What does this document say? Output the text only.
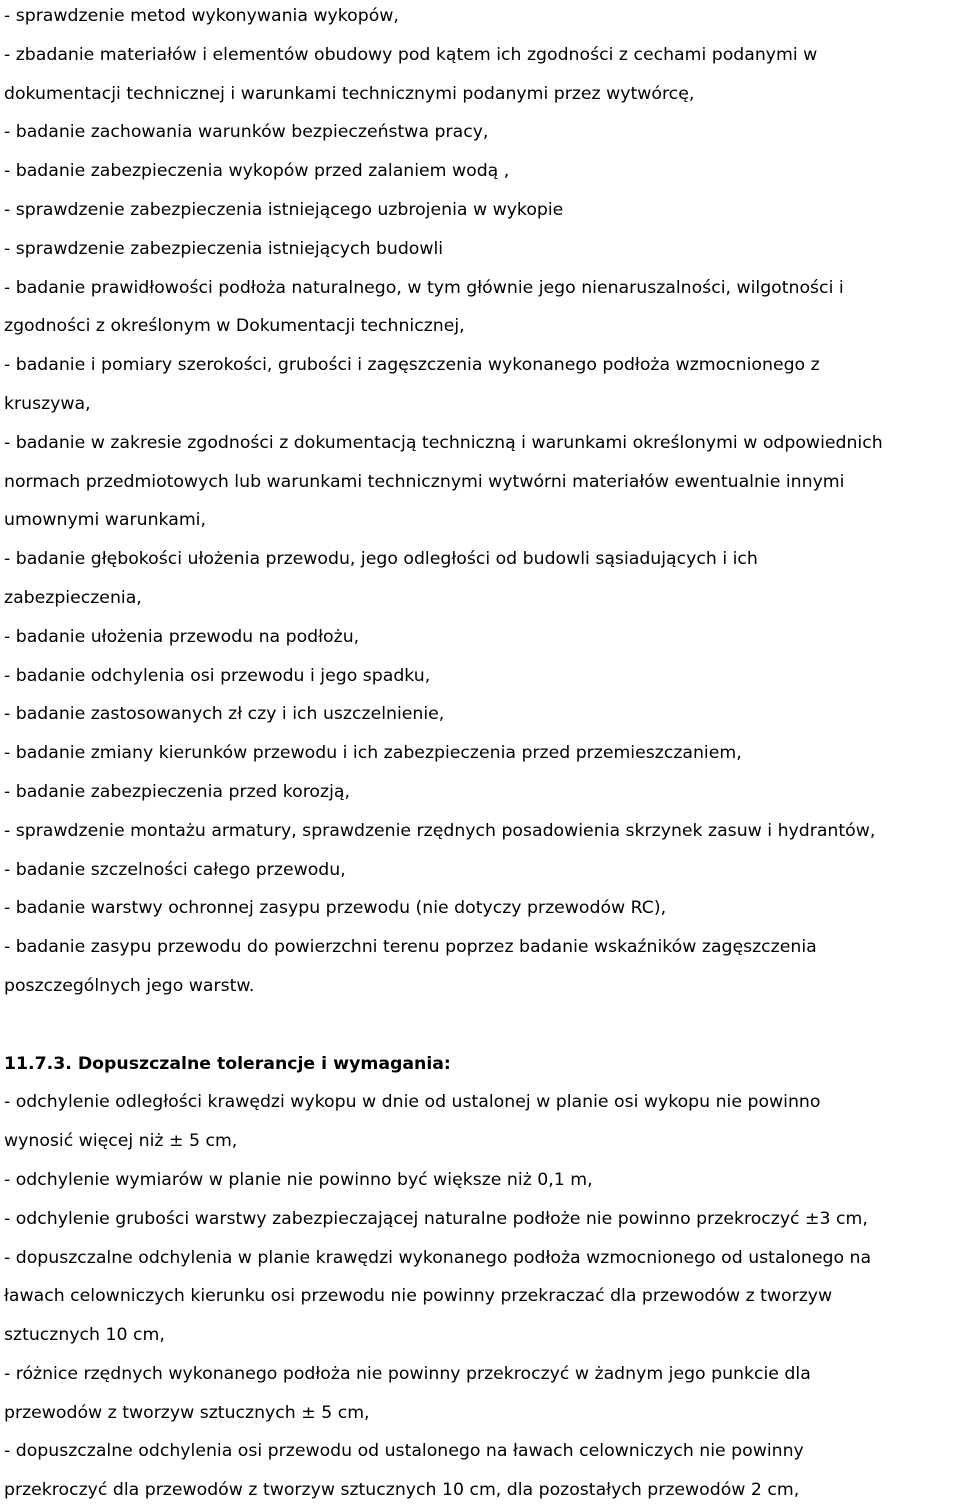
- sprawdzenie metod wykonywania wykopów,
- zbadanie materiałów i elementów obudowy pod kątem ich zgodności z cechami podanymi w
dokumentacji technicznej i warunkami technicznymi podanymi przez wytwórcę,
- badanie zachowania warunków bezpieczeństwa pracy,
- badanie zabezpieczenia wykopów przed zalaniem wodą ,
- sprawdzenie zabezpieczenia istniejącego uzbrojenia w wykopie
- sprawdzenie zabezpieczenia istniejących budowli
- badanie prawidłowości podłoża naturalnego, w tym głównie jego nienaruszalności, wilgotności i
zgodności z określonym w Dokumentacji technicznej,
- badanie i pomiary szerokości, grubości i zagęszczenia wykonanego podłoża wzmocnionego z
kruszywa,
- badanie w zakresie zgodności z dokumentacją techniczną i warunkami określonymi w odpowiednich
normach przedmiotowych lub warunkami technicznymi wytwórni materiałów ewentualnie innymi
umownymi warunkami,
- badanie głębokości ułożenia przewodu, jego odległości od budowli sąsiadujących i ich
zabezpieczenia,
- badanie ułożenia przewodu na podłożu,
- badanie odchylenia osi przewodu i jego spadku,
- badanie zastosowanych zł czy i ich uszczelnienie,
- badanie zmiany kierunków przewodu i ich zabezpieczenia przed przemieszczaniem,
- badanie zabezpieczenia przed korozją,
- sprawdzenie montażu armatury, sprawdzenie rzędnych posadowienia skrzynek zasuw i hydrantów,
- badanie szczelności całego przewodu,
- badanie warstwy ochronnej zasypu przewodu (nie dotyczy przewodów RC),
- badanie zasypu przewodu do powierzchni terenu poprzez badanie wskaźników zagęszczenia
poszczególnych jego warstw.
11.7.3. Dopuszczalne tolerancje i wymagania:
- odchylenie odległości krawędzi wykopu w dnie od ustalonej w planie osi wykopu nie powinno
wynosić więcej niż ± 5 cm,
- odchylenie wymiarów w planie nie powinno być większe niż 0,1 m,
- odchylenie grubości warstwy zabezpieczającej naturalne podłoże nie powinno przekroczyć ±3 cm,
- dopuszczalne odchylenia w planie krawędzi wykonanego podłoża wzmocnionego od ustalonego na
ławach celowniczych kierunku osi przewodu nie powinny przekraczać dla przewodów z tworzyw
sztucznych 10 cm,
- różnice rzędnych wykonanego podłoża nie powinny przekroczyć w żadnym jego punkcie dla
przewodów z tworzyw sztucznych ± 5 cm,
- dopuszczalne odchylenia osi przewodu od ustalonego na ławach celowniczych nie powinny
przekroczyć dla przewodów z tworzyw sztucznych 10 cm, dla pozostałych przewodów 2 cm,
